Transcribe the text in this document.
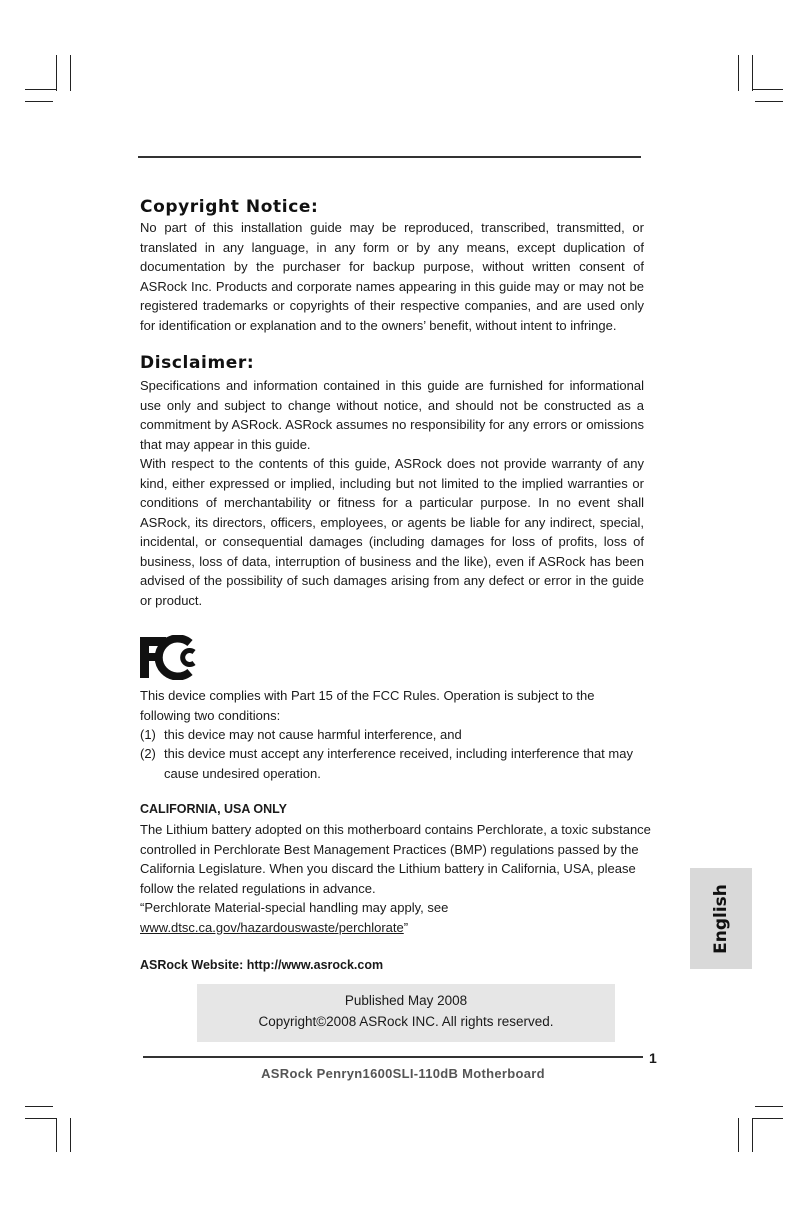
Copyright Notice:

No part of this installation guide may be reproduced, transcribed, transmitted, or translated in any language, in any form or by any means, except duplication of documentation by the purchaser for backup purpose, without written consent of ASRock Inc. Products and corporate names appearing in this guide may or may not be registered trademarks or copyrights of their respective companies, and are used only for identification or explanation and to the owners’ benefit, without intent to infringe.

Disclaimer:

Specifications and information contained in this guide are furnished for informational use only and subject to change without notice, and should not be constructed as a commitment by ASRock. ASRock assumes no responsibility for any errors or omissions that may appear in this guide.

With respect to the contents of this guide, ASRock does not provide warranty of any kind, either expressed or implied, including but not limited to the implied warranties or conditions of merchantability or fitness for a particular purpose. In no event shall ASRock, its directors, officers, employees, or agents be liable for any indirect, special, incidental, or consequential damages (including damages for loss of profits, loss of business, loss of data, interruption of business and the like), even if ASRock has been advised of the possibility of such damages arising from any defect or error in the guide or product.

This device complies with Part 15 of the FCC Rules. Operation is subject to the following two conditions:

(1) this device may not cause harmful interference, and
(2) this device must accept any interference received, including interference that may cause undesired operation.

CALIFORNIA, USA ONLY

The Lithium battery adopted on this motherboard contains Perchlorate, a toxic substance controlled in Perchlorate Best Management Practices (BMP) regulations passed by the California Legislature. When you discard the Lithium battery in California, USA, please follow the related regulations in advance.
“Perchlorate Material-special handling may apply, see
www.dtsc.ca.gov/hazardouswaste/perchlorate”

ASRock Website: http://www.asrock.com

Published May 2008
Copyright©2008 ASRock INC. All rights reserved.
English
1
ASRock Penryn1600SLI-110dB Motherboard
